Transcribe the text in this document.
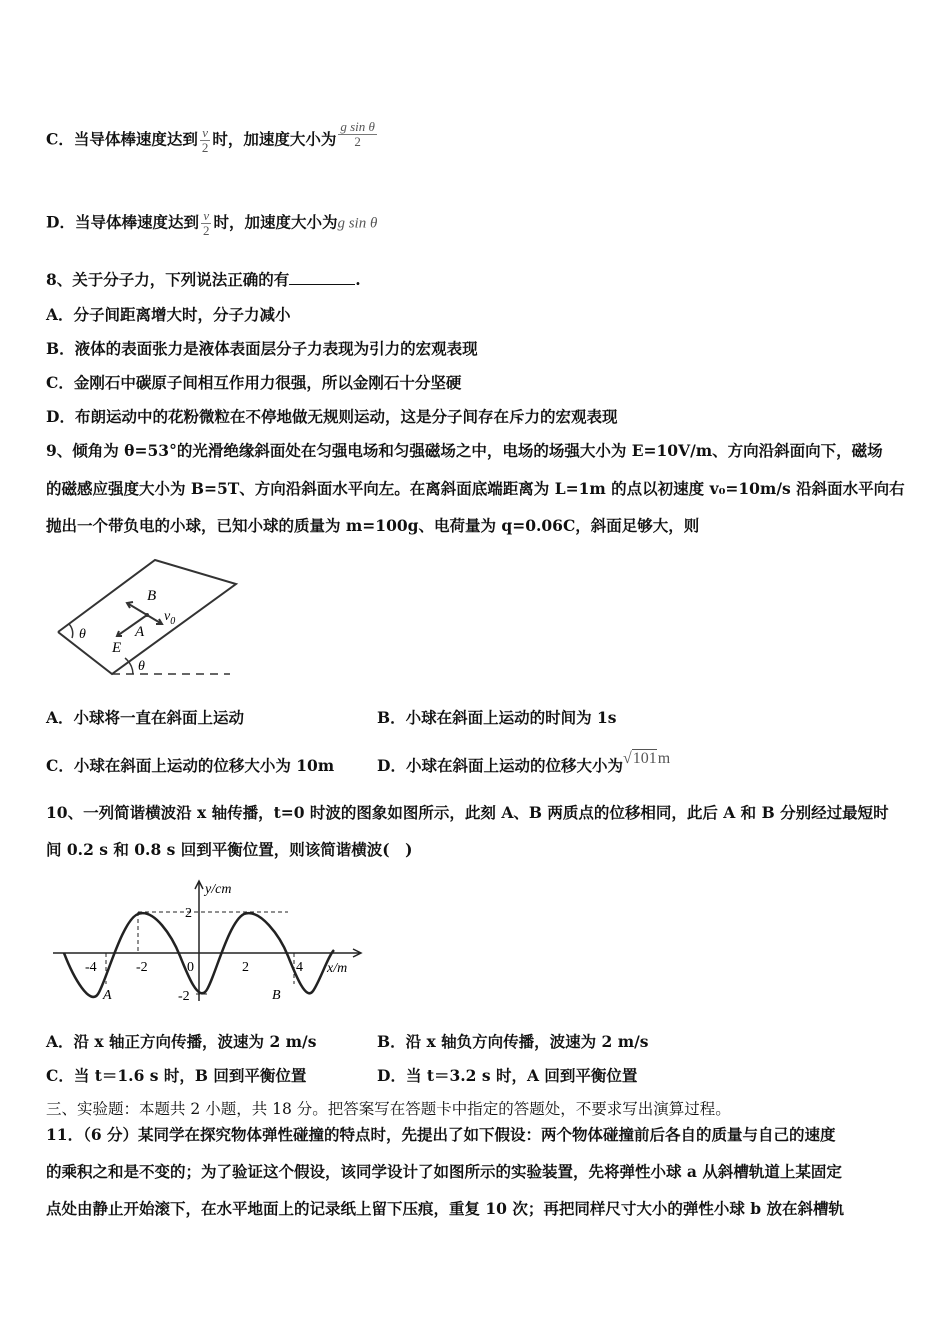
C．当导体棒速度达到 $\frac{v}{2}$ 时，加速度大小为 $\frac{\text{g sin θ}}{2}$
D．当导体棒速度达到 $\frac{v}{2}$ 时，加速度大小为g sin θ
8、关于分子力，下列说法正确的有	.
A．分子间距离增大时，分子力减小
B．液体的表面张力是液体表面层分子力表现为引力的宏观表现
C．金刚石中碳原子间相互作用力很强，所以金刚石十分坚硬
D．布朗运动中的花粉微粒在不停地做无规则运动，这是分子间存在斥力的宏观表现
9、倾角为 θ=53°的光滑绝缘斜面处在匀强电场和匀强磁场之中，电场的场强大小为 E=10V/m、方向沿斜面向下，磁场
的磁感应强度大小为 B=5T、方向沿斜面水平向左。在离斜面底端距离为 L=1m 的点以初速度 v₀=10m/s 沿斜面水平向右
抛出一个带负电的小球，已知小球的质量为 m=100g、电荷量为 q=0.06C，斜面足够大，则
B
$v_0$
A
E
θ
θ
A．小球将一直在斜面上运动	B．小球在斜面上运动的时间为 1s
C．小球在斜面上运动的位移大小为 10m	D．小球在斜面上运动的位移大小为√101m
10、一列简谐横波沿 x 轴传播，t=0 时波的图象如图所示，此刻 A、B 两质点的位移相同，此后 A 和 B 分别经过最短时
间 0.2 s 和 0.8 s 回到平衡位置，则该简谐横波(　)
y/cm
x/m
2
-2
-4	-2	0	2	4
A	B
A．沿 x 轴正方向传播，波速为 2 m/s	B．沿 x 轴负方向传播，波速为 2 m/s
C．当 t＝1.6 s 时，B 回到平衡位置	D．当 t＝3.2 s 时，A 回到平衡位置
三、实验题：本题共 2 小题，共 18 分。把答案写在答题卡中指定的答题处，不要求写出演算过程。
11．（6 分）某同学在探究物体弹性碰撞的特点时，先提出了如下假设：两个物体碰撞前后各自的质量与自己的速度
的乘积之和是不变的；为了验证这个假设，该同学设计了如图所示的实验装置，先将弹性小球 a 从斜槽轨道上某固定
点处由静止开始滚下，在水平地面上的记录纸上留下压痕，重复 10 次；再把同样尺寸大小的弹性小球 b 放在斜槽轨
